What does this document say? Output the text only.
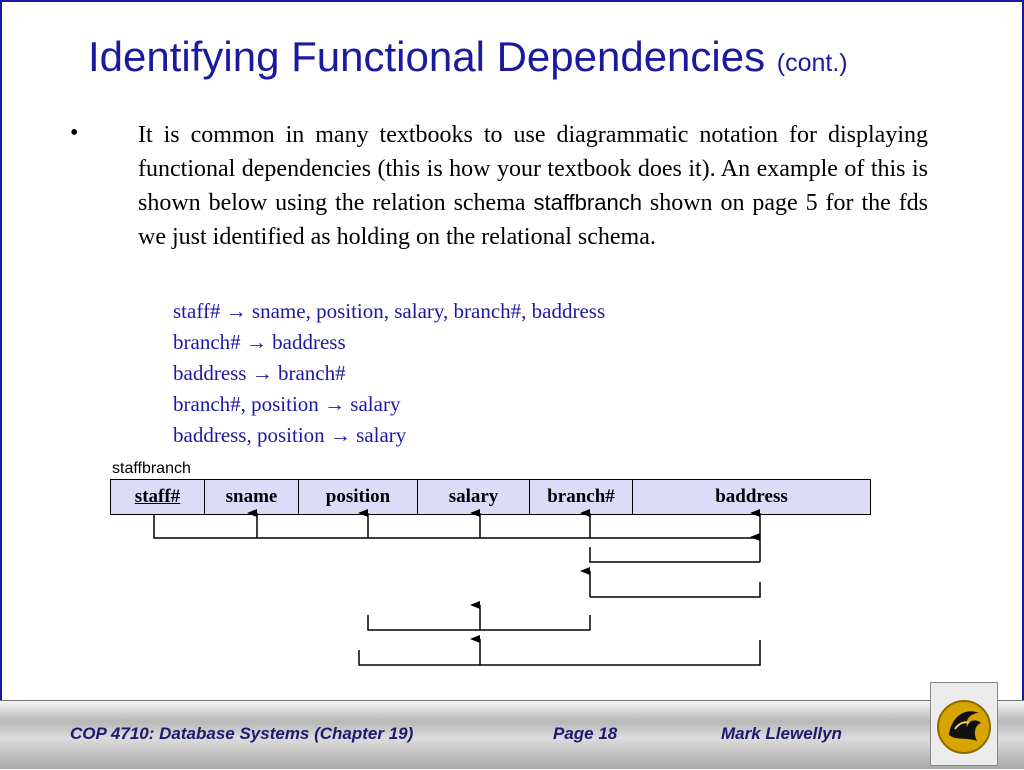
Identifying Functional Dependencies (cont.)
• It is common in many textbooks to use diagrammatic notation for displaying functional dependencies (this is how your textbook does it). An example of this is shown below using the relation schema staffbranch shown on page 5 for the fds we just identified as holding on the relational schema.
staff# → sname, position, salary, branch#, baddress
branch# → baddress
baddress → branch#
branch#, position → salary
baddress, position → salary
staffbranch
staff#	sname	position	salary	branch#	baddress
COP 4710: Database Systems (Chapter 19)	Page 18	Mark Llewellyn
